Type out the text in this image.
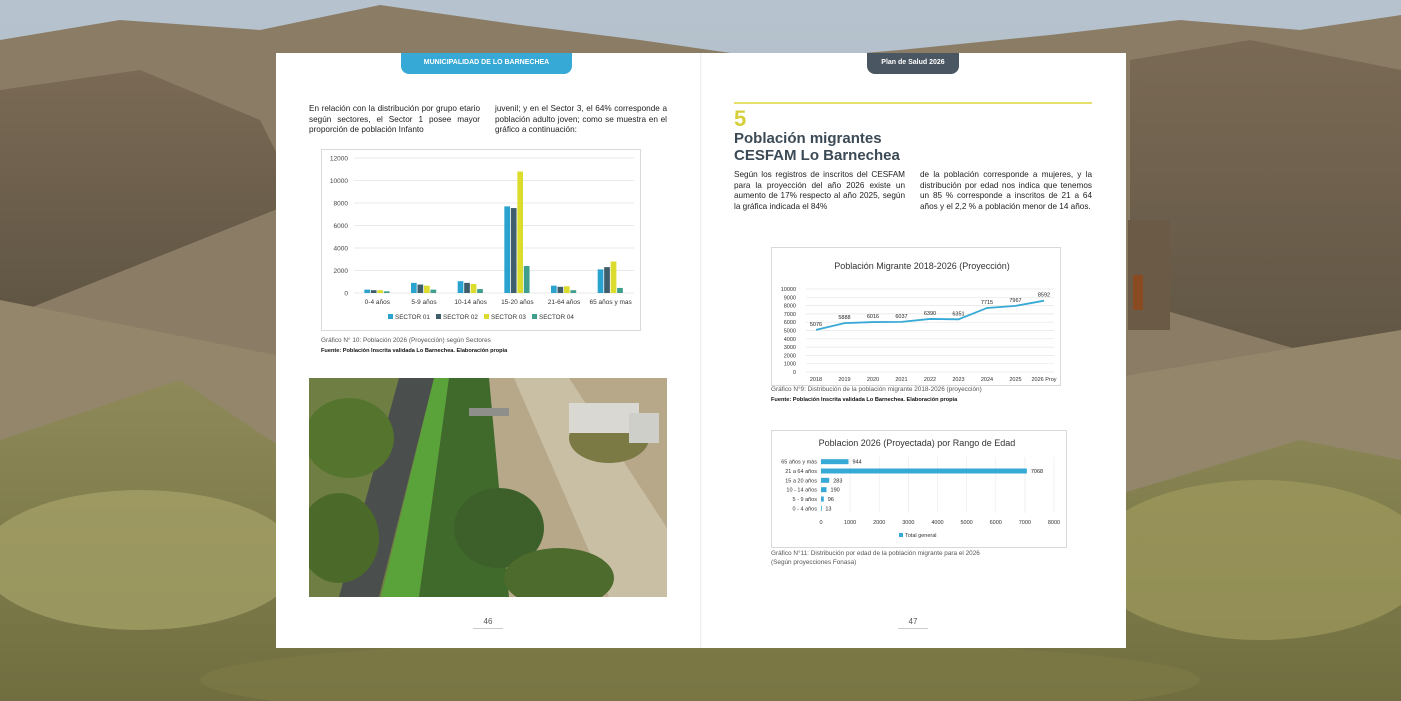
MUNICIPALIDAD DE LO BARNECHEA	Plan de Salud 2026

En relación con la distribución por grupo etario según sectores, el Sector 1 posee mayor proporción de población Infanto

juvenil; y en el Sector 3, el 64% corresponde a población adulto joven; como se muestra en el gráfico a continuación:

0
2000
4000
6000
8000
10000
12000
0-4 años	5-9 años	10-14 años 15-20 años 21-64 años 65 años y mas
SECTOR 01 SECTOR 02 SECTOR 03 SECTOR 04
Gráfico N° 10: Población 2026 (Proyección) según Sectores
Fuente: Población Inscrita validada Lo Barnechea. Elaboración propia
46
5
Población migrantes
CESFAM Lo Barnechea

Según los registros de inscritos del CESFAM para la proyección del año 2026 existe un aumento de 17% respecto al año 2025, según la gráfica indicada el 84%

de la población corresponde a mujeres, y la distribución por edad nos indica que tenemos un 85 % corresponde a inscritos de 21 a 64 años y el 2,2 % a población menor de 14 años.

Población Migrante 2018-2026 (Proyección)
0
1000
2000
3000
4000
5000
6000
7000
8000
9000
10000
5076
2018
5888
2019
6016
2020
6037
2021
6390
2022
6351
2023
7715
2024
7967
2025
8592
2026 Proy
Gráfico N°9: Distribución de la población migrante 2018-2026 (proyección)
Fuente: Población Inscrita validada Lo Barnechea. Elaboración propia
Poblacion 2026 (Proyectada) por Rango de Edad
0	1000	2000	3000	4000	5000	6000	7000	8000
65 años y más	944
21 a 64 años	7068
15 a 20 años	283
10 - 14 años 190
5 - 9 años 96
0 - 4 años 13
Total general
Gráfico N°11: Distribución por edad de la población migrante para el 2026
(Según proyecciones Fonasa)
47
